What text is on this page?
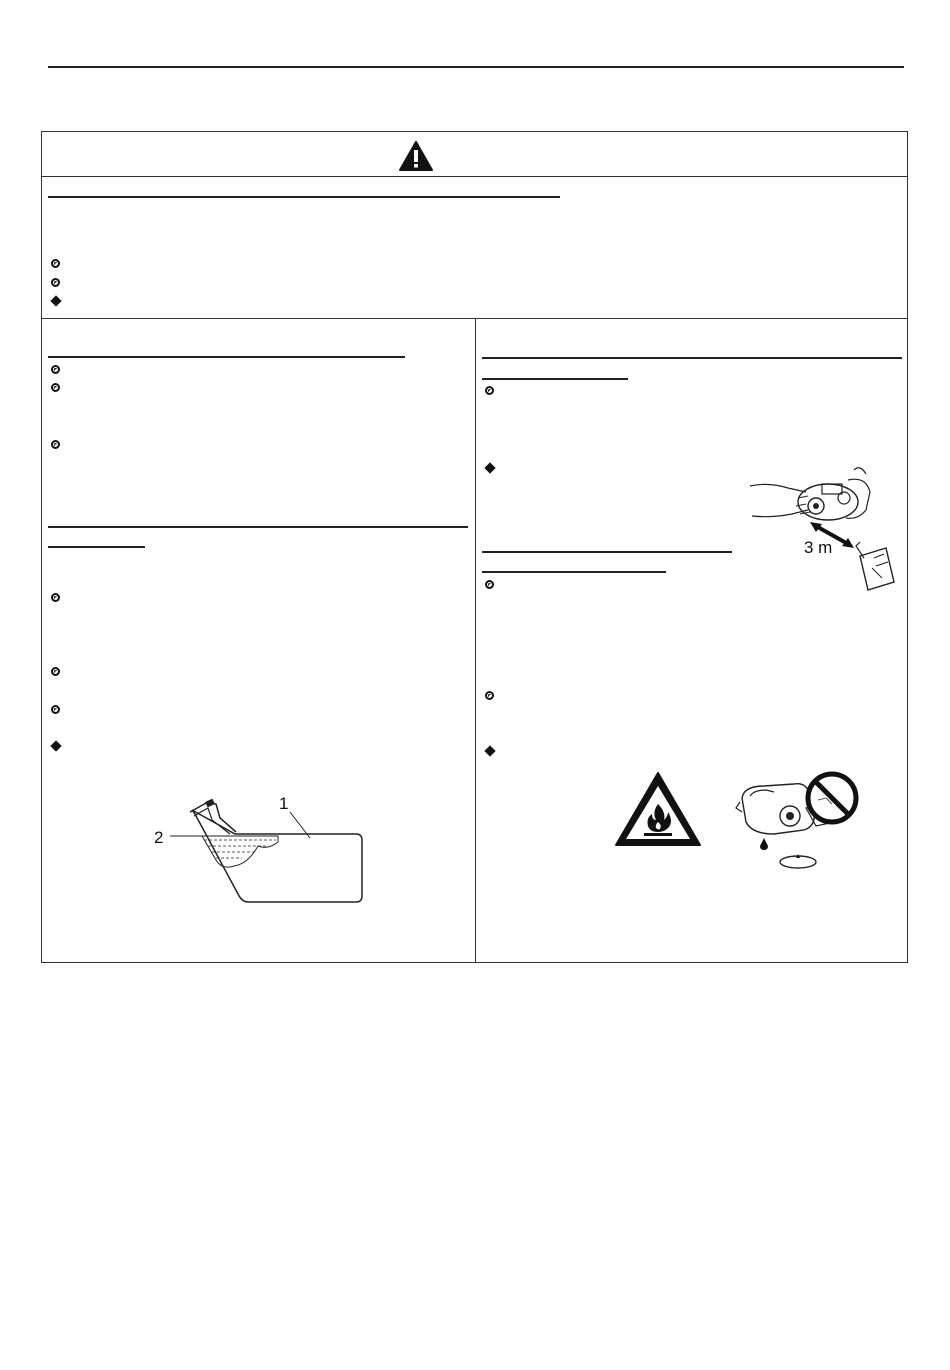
1
2
3 m
